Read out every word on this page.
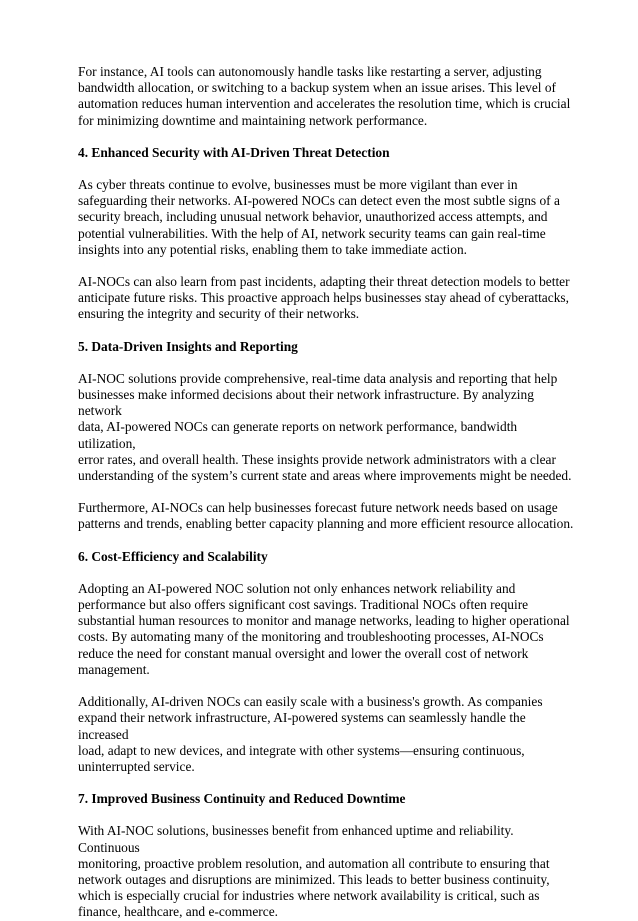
For instance, AI tools can autonomously handle tasks like restarting a server, adjusting
bandwidth allocation, or switching to a backup system when an issue arises. This level of
automation reduces human intervention and accelerates the resolution time, which is crucial
for minimizing downtime and maintaining network performance.

4. Enhanced Security with AI-Driven Threat Detection

As cyber threats continue to evolve, businesses must be more vigilant than ever in
safeguarding their networks. AI-powered NOCs can detect even the most subtle signs of a
security breach, including unusual network behavior, unauthorized access attempts, and
potential vulnerabilities. With the help of AI, network security teams can gain real-time
insights into any potential risks, enabling them to take immediate action.

AI-NOCs can also learn from past incidents, adapting their threat detection models to better
anticipate future risks. This proactive approach helps businesses stay ahead of cyberattacks,
ensuring the integrity and security of their networks.

5. Data-Driven Insights and Reporting

AI-NOC solutions provide comprehensive, real-time data analysis and reporting that help
businesses make informed decisions about their network infrastructure. By analyzing network
data, AI-powered NOCs can generate reports on network performance, bandwidth utilization,
error rates, and overall health. These insights provide network administrators with a clear
understanding of the system’s current state and areas where improvements might be needed.

Furthermore, AI-NOCs can help businesses forecast future network needs based on usage
patterns and trends, enabling better capacity planning and more efficient resource allocation.

6. Cost-Efficiency and Scalability

Adopting an AI-powered NOC solution not only enhances network reliability and
performance but also offers significant cost savings. Traditional NOCs often require
substantial human resources to monitor and manage networks, leading to higher operational
costs. By automating many of the monitoring and troubleshooting processes, AI-NOCs
reduce the need for constant manual oversight and lower the overall cost of network
management.

Additionally, AI-driven NOCs can easily scale with a business's growth. As companies
expand their network infrastructure, AI-powered systems can seamlessly handle the increased
load, adapt to new devices, and integrate with other systems—ensuring continuous,
uninterrupted service.

7. Improved Business Continuity and Reduced Downtime

With AI-NOC solutions, businesses benefit from enhanced uptime and reliability. Continuous
monitoring, proactive problem resolution, and automation all contribute to ensuring that
network outages and disruptions are minimized. This leads to better business continuity,
which is especially crucial for industries where network availability is critical, such as
finance, healthcare, and e-commerce.
